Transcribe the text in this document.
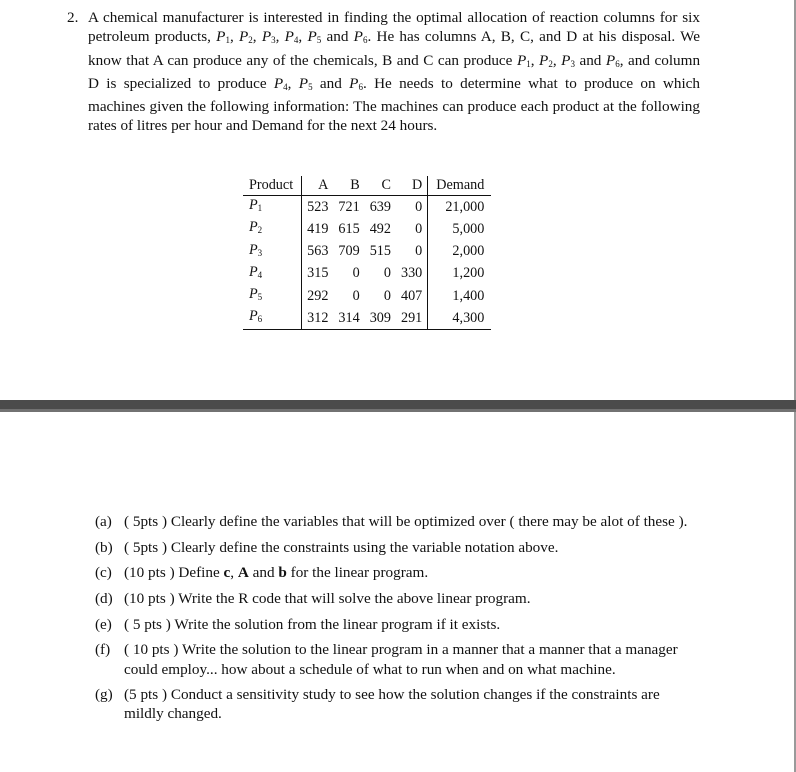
2. A chemical manufacturer is interested in finding the optimal allocation of reaction columns for six petroleum products, $P_1$, $P_2$, $P_3$, $P_4$, $P_5$ and $P_6$. He has columns A, B, C, and D at his disposal. We know that A can produce any of the chemicals, B and C can produce $P_1$, $P_2$, $P_3$ and $P_6$, and column D is specialized to produce $P_4$, $P_5$ and $P_6$. He needs to determine what to produce on which machines given the following information: The machines can produce each product at the following rates of litres per hour and Demand for the next 24 hours.

Product	A	B	C	D	Demand
$P_1$	523	721	639	0	21,000
$P_2$	419	615	492	0	5,000
$P_3$	563	709	515	0	2,000
$P_4$	315	0	0	330	1,200
$P_5$	292	0	0	407	1,400
$P_6$	312	314	309	291	4,300
(a) ( 5pts ) Clearly define the variables that will be optimized over ( there may be alot of these ).
(b) ( 5pts ) Clearly define the constraints using the variable notation above.
(c) (10 pts ) Define c, A and b for the linear program.
(d) (10 pts ) Write the R code that will solve the above linear program.
(e) ( 5 pts ) Write the solution from the linear program if it exists.
(f) ( 10 pts ) Write the solution to the linear program in a manner that a manner that a manager could employ... how about a schedule of what to run when and on what machine.
(g) (5 pts ) Conduct a sensitivity study to see how the solution changes if the constraints are mildly changed.
